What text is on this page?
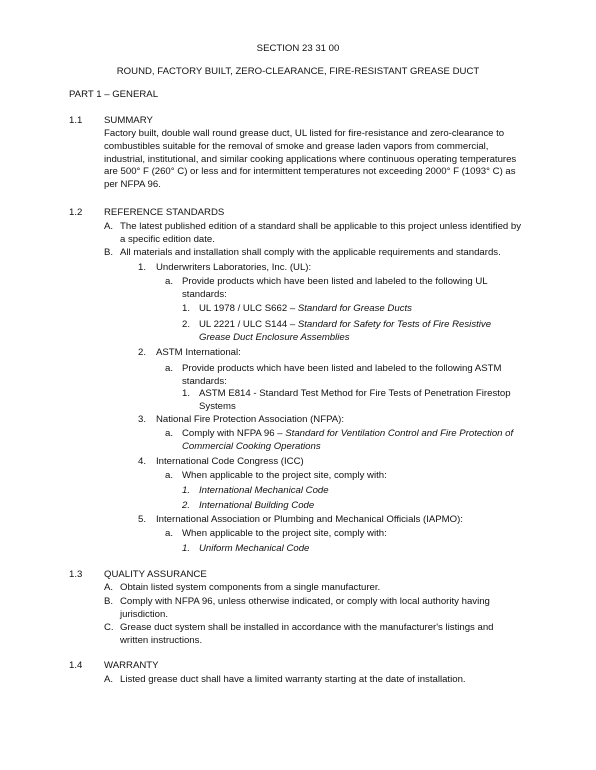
SECTION 23 31 00
ROUND, FACTORY BUILT, ZERO-CLEARANCE, FIRE-RESISTANT GREASE DUCT
PART 1 – GENERAL
1.1 SUMMARY
Factory built, double wall round grease duct, UL listed for fire-resistance and zero-clearance to combustibles suitable for the removal of smoke and grease laden vapors from commercial, industrial, institutional, and similar cooking applications where continuous operating temperatures are 500° F (260° C) or less and for intermittent temperatures not exceeding 2000° F (1093° C) as per NFPA 96.
1.2 REFERENCE STANDARDS
A. The latest published edition of a standard shall be applicable to this project unless identified by a specific edition date.
B. All materials and installation shall comply with the applicable requirements and standards.
1. Underwriters Laboratories, Inc. (UL):
a. Provide products which have been listed and labeled to the following UL standards:
1. UL 1978 / ULC S662 – Standard for Grease Ducts
2. UL 2221 / ULC S144 – Standard for Safety for Tests of Fire Resistive
Grease Duct Enclosure Assemblies
2. ASTM International:
a. Provide products which have been listed and labeled to the following ASTM standards:
1. ASTM E814 - Standard Test Method for Fire Tests of Penetration Firestop Systems
3. National Fire Protection Association (NFPA):
a. Comply with NFPA 96 – Standard for Ventilation Control and Fire Protection of
Commercial Cooking Operations
4. International Code Congress (ICC)
a. When applicable to the project site, comply with:
1. International Mechanical Code
2. International Building Code
5. International Association or Plumbing and Mechanical Officials (IAPMO):
a. When applicable to the project site, comply with:
1. Uniform Mechanical Code
1.3 QUALITY ASSURANCE
A. Obtain listed system components from a single manufacturer.
B. Comply with NFPA 96, unless otherwise indicated, or comply with local authority having jurisdiction.
C. Grease duct system shall be installed in accordance with the manufacturer's listings and written instructions.
1.4 WARRANTY
A. Listed grease duct shall have a limited warranty starting at the date of installation.
